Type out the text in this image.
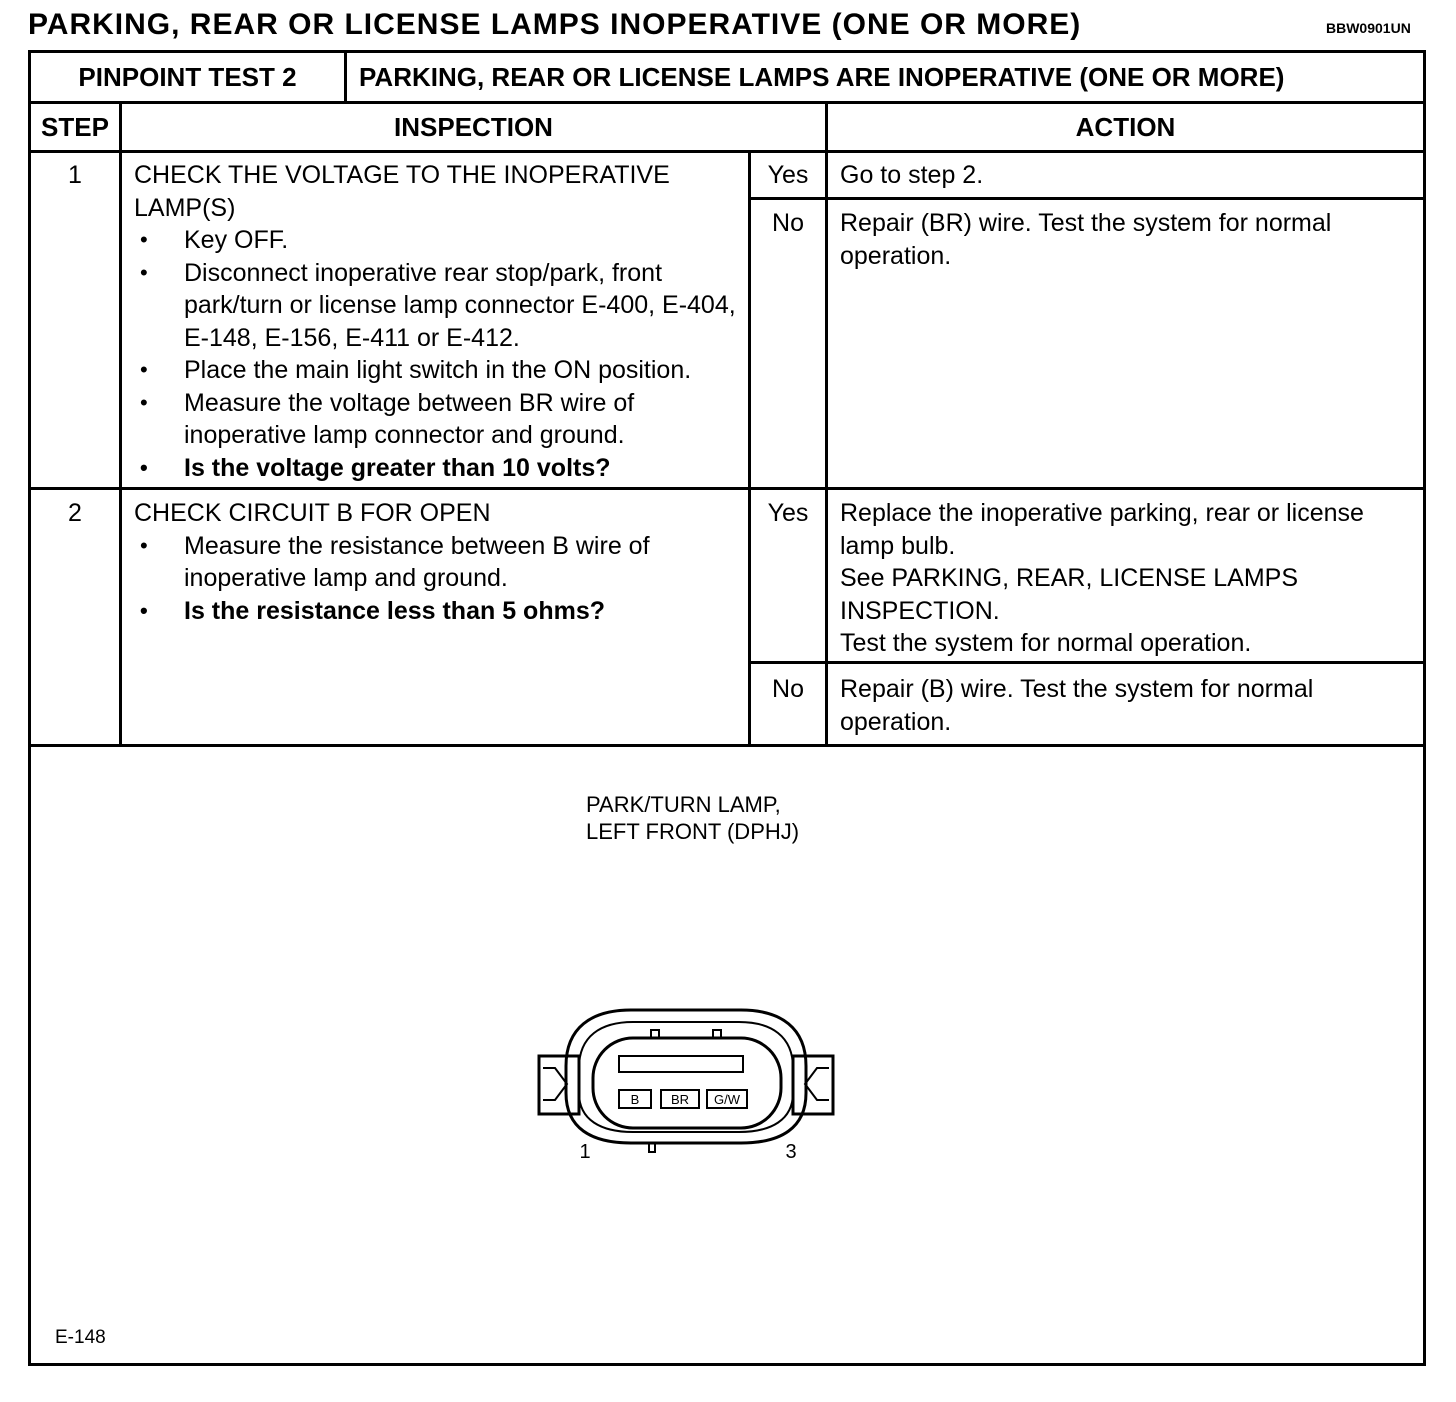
PARKING, REAR OR LICENSE LAMPS INOPERATIVE (ONE OR MORE)	BBW0901UN
PINPOINT TEST 2	PARKING, REAR OR LICENSE LAMPS ARE INOPERATIVE (ONE OR MORE)
STEP	INSPECTION	ACTION
1	CHECK THE VOLTAGE TO THE INOPERATIVE LAMP(S)
• Key OFF.
• Disconnect inoperative rear stop/park, front park/turn or license lamp connector E-400, E-404, E-148, E-156, E-411 or E-412.
• Place the main light switch in the ON position.
• Measure the voltage between BR wire of inoperative lamp connector and ground.
• Is the voltage greater than 10 volts?
Yes	Go to step 2.
No	Repair (BR) wire. Test the system for normal operation.
2	CHECK CIRCUIT B FOR OPEN
• Measure the resistance between B wire of inoperative lamp and ground.
• Is the resistance less than 5 ohms?
Yes	Replace the inoperative parking, rear or license lamp bulb.
See PARKING, REAR, LICENSE LAMPS INSPECTION.
Test the system for normal operation.
No	Repair (B) wire. Test the system for normal operation.
PARK/TURN LAMP,
LEFT FRONT (DPHJ)
B BR G/W
1	3
E-148
